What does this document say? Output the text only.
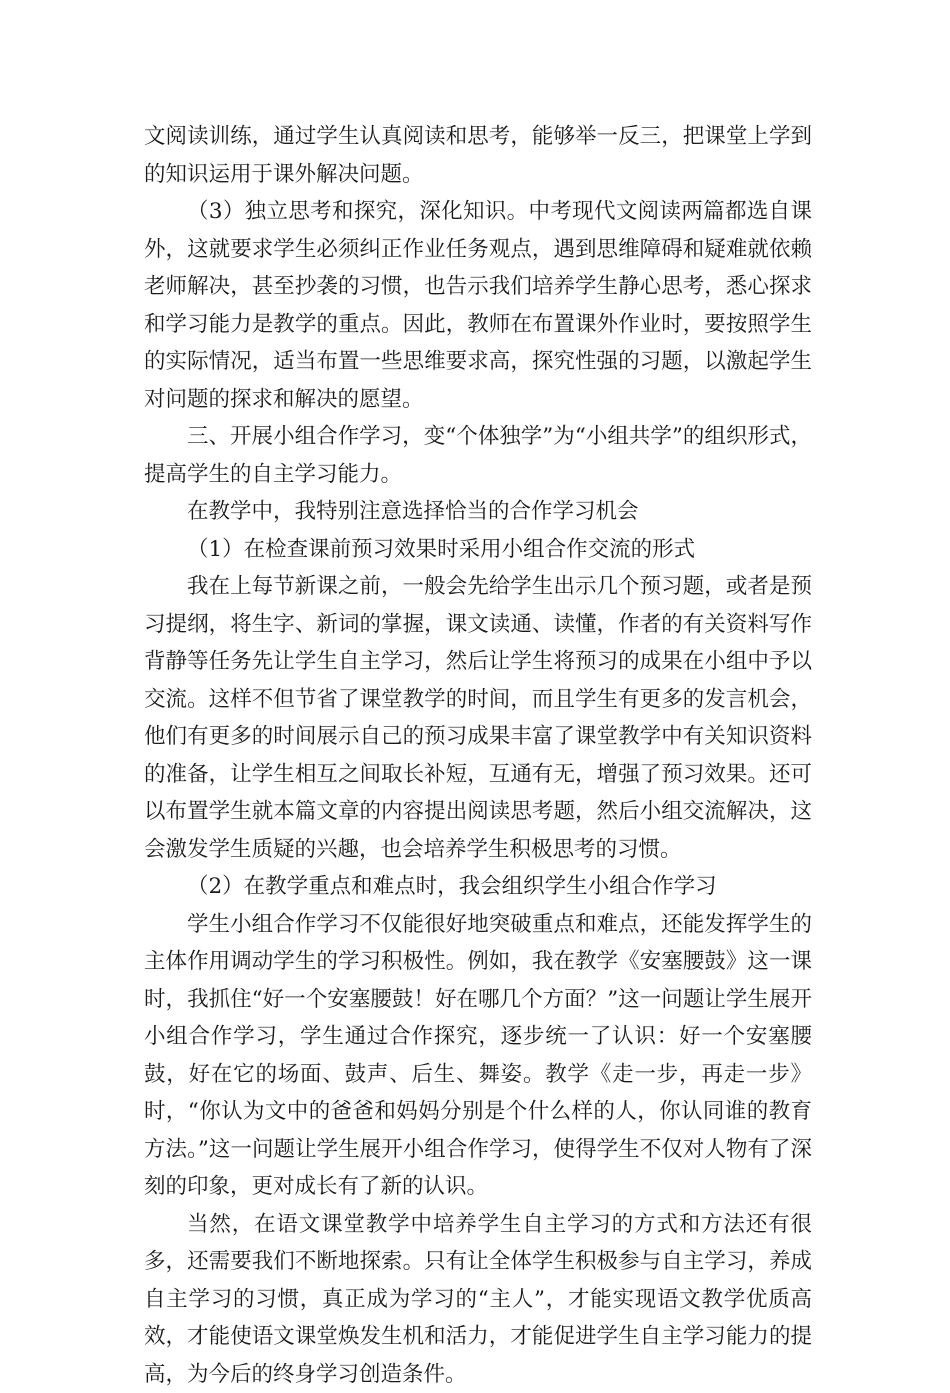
文阅读训练，通过学生认真阅读和思考，能够举一反三，把课堂上学到的知识运用于课外解决问题。

（3）独立思考和探究，深化知识。中考现代文阅读两篇都选自课外，这就要求学生必须纠正作业任务观点，遇到思维障碍和疑难就依赖老师解决，甚至抄袭的习惯，也告示我们培养学生静心思考，悉心探求和学习能力是教学的重点。因此，教师在布置课外作业时，要按照学生的实际情况，适当布置一些思维要求高，探究性强的习题，以激起学生对问题的探求和解决的愿望。

三、开展小组合作学习，变“个体独学”为“小组共学”的组织形式，提高学生的自主学习能力。

在教学中，我特别注意选择恰当的合作学习机会

（1）在检查课前预习效果时采用小组合作交流的形式

我在上每节新课之前，一般会先给学生出示几个预习题，或者是预习提纲，将生字、新词的掌握，课文读通、读懂，作者的有关资料写作背静等任务先让学生自主学习，然后让学生将预习的成果在小组中予以交流。这样不但节省了课堂教学的时间，而且学生有更多的发言机会，他们有更多的时间展示自己的预习成果丰富了课堂教学中有关知识资料的准备，让学生相互之间取长补短，互通有无，增强了预习效果。还可以布置学生就本篇文章的内容提出阅读思考题，然后小组交流解决，这会激发学生质疑的兴趣，也会培养学生积极思考的习惯。

（2）在教学重点和难点时，我会组织学生小组合作学习

学生小组合作学习不仅能很好地突破重点和难点，还能发挥学生的主体作用调动学生的学习积极性。例如，我在教学《安塞腰鼓》这一课时，我抓住“好一个安塞腰鼓！好在哪几个方面？”这一问题让学生展开小组合作学习，学生通过合作探究，逐步统一了认识：好一个安塞腰鼓，好在它的场面、鼓声、后生、舞姿。教学《走一步，再走一步》时，“你认为文中的爸爸和妈妈分别是个什么样的人，你认同谁的教育方法。”这一问题让学生展开小组合作学习，使得学生不仅对人物有了深刻的印象，更对成长有了新的认识。

当然，在语文课堂教学中培养学生自主学习的方式和方法还有很多，还需要我们不断地探索。只有让全体学生积极参与自主学习，养成自主学习的习惯，真正成为学习的“主人”，才能实现语文教学优质高效，才能使语文课堂焕发生机和活力，才能促进学生自主学习能力的提高，为今后的终身学习创造条件。
